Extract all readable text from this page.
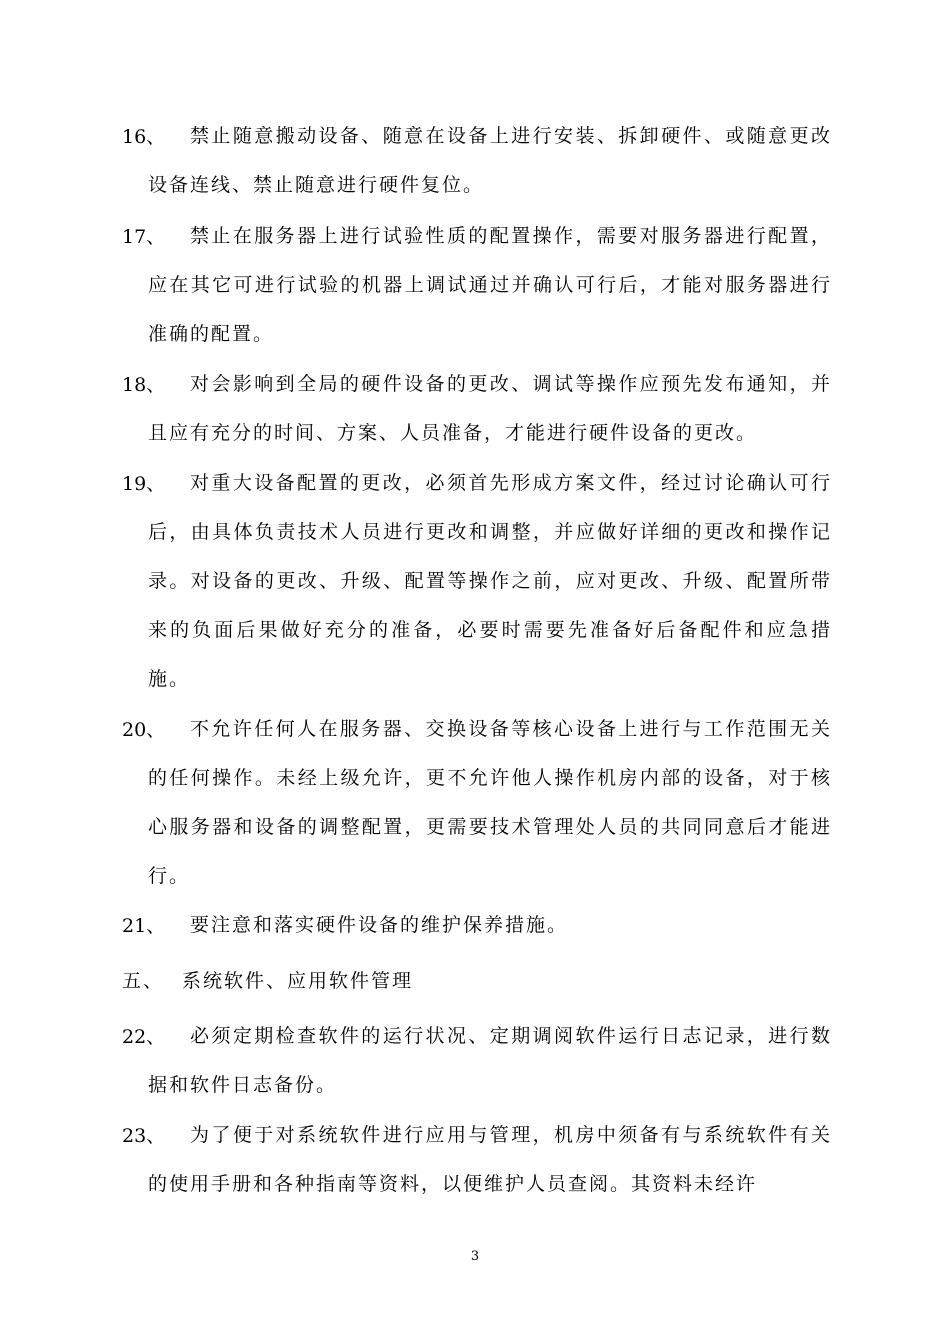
16、	禁止随意搬动设备、随意在设备上进行安装、拆卸硬件、或随意更改设备连线、禁止随意进行硬件复位。
17、	禁止在服务器上进行试验性质的配置操作，需要对服务器进行配置，应在其它可进行试验的机器上调试通过并确认可行后，才能对服务器进行准确的配置。
18、	对会影响到全局的硬件设备的更改、调试等操作应预先发布通知，并且应有充分的时间、方案、人员准备，才能进行硬件设备的更改。
19、	对重大设备配置的更改，必须首先形成方案文件，经过讨论确认可行后，由具体负责技术人员进行更改和调整，并应做好详细的更改和操作记录。对设备的更改、升级、配置等操作之前，应对更改、升级、配置所带来的负面后果做好充分的准备，必要时需要先准备好后备配件和应急措施。
20、	不允许任何人在服务器、交换设备等核心设备上进行与工作范围无关的任何操作。未经上级允许，更不允许他人操作机房内部的设备，对于核心服务器和设备的调整配置，更需要技术管理处人员的共同同意后才能进行。
21、	要注意和落实硬件设备的维护保养措施。
五、 系统软件、应用软件管理
22、	必须定期检查软件的运行状况、定期调阅软件运行日志记录，进行数据和软件日志备份。
23、	为了便于对系统软件进行应用与管理，机房中须备有与系统软件有关的使用手册和各种指南等资料，以便维护人员查阅。其资料未经许
3
